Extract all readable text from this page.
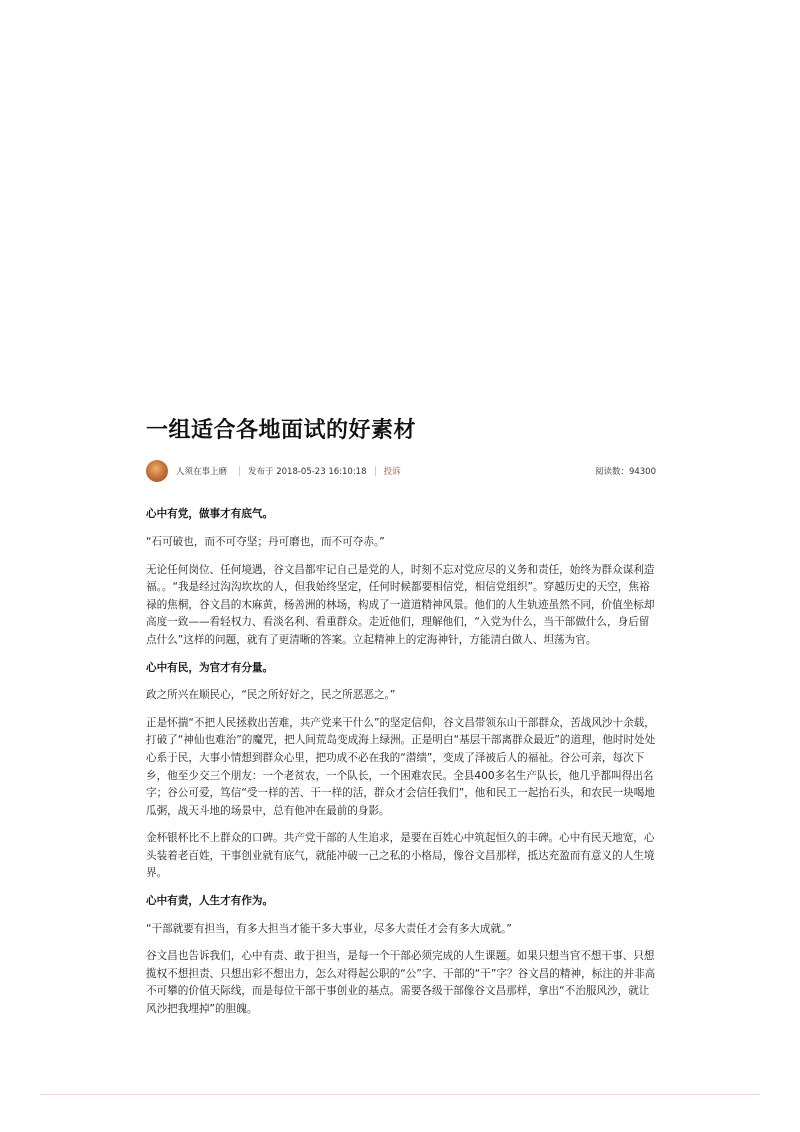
一组适合各地面试的好素材
人须在事上磨 发布于 2018-05-23 16:10:18 投诉	阅读数：94300

心中有党，做事才有底气。

“石可破也，而不可夺坚；丹可磨也，而不可夺赤。”

无论任何岗位、任何境遇，谷文昌都牢记自己是党的人，时刻不忘对党应尽的义务和责任，始终为群众谋利造福。。“我是经过沟沟坎坎的人，但我始终坚定，任何时候都要相信党，相信党组织”。穿越历史的天空，焦裕禄的焦桐，谷文昌的木麻黄，杨善洲的林场，构成了一道道精神风景。他们的人生轨迹虽然不同，价值坐标却高度一致——看轻权力、看淡名利、看重群众。走近他们，理解他们，“入党为什么，当干部做什么，身后留点什么”这样的问题，就有了更清晰的答案。立起精神上的定海神针，方能清白做人、坦荡为官。

心中有民，为官才有分量。

政之所兴在顺民心，“民之所好好之，民之所恶恶之。”

正是怀揣“不把人民拯救出苦难，共产党来干什么”的坚定信仰，谷文昌带领东山干部群众，苦战风沙十余载，打破了“神仙也难治”的魔咒，把人间荒岛变成海上绿洲。正是明白“基层干部离群众最近”的道理，他时时处处心系于民，大事小情想到群众心里，把功成不必在我的“潜绩”，变成了泽被后人的福祉。谷公可亲，每次下乡，他至少交三个朋友：一个老贫农，一个队长，一个困难农民。全县400多名生产队长，他几乎都叫得出名字；谷公可爱，笃信“受一样的苦、干一样的活，群众才会信任我们”，他和民工一起抬石头，和农民一块喝地瓜粥，战天斗地的场景中，总有他冲在最前的身影。

金杯银杯比不上群众的口碑。共产党干部的人生追求，是要在百姓心中筑起恒久的丰碑。心中有民天地宽，心头装着老百姓，干事创业就有底气，就能冲破一己之私的小格局，像谷文昌那样，抵达充盈而有意义的人生境界。

心中有责，人生才有作为。

“干部就要有担当，有多大担当才能干多大事业，尽多大责任才会有多大成就。”

谷文昌也告诉我们，心中有责、敢于担当，是每一个干部必须完成的人生课题。如果只想当官不想干事、只想揽权不想担责、只想出彩不想出力，怎么对得起公职的“公”字、干部的“干”字？谷文昌的精神，标注的并非高不可攀的价值天际线，而是每位干部干事创业的基点。需要各级干部像谷文昌那样，拿出“不治服风沙，就让风沙把我埋掉”的胆魄。
